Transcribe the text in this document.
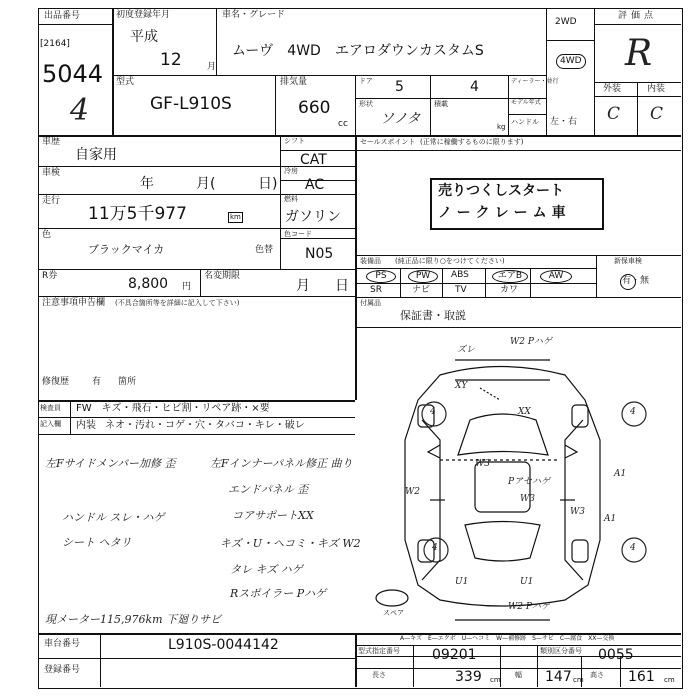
出品番号
[2164]
5044
初度登録年月
平成
12	月
車名・グレード
ムーヴ　4WD　エアロダウンカスタムS
2WD
4WD
評価点
R
外装	内装
C C
4
型式
GF-L910S
排気量
660
cc
ドア 5	4	ディーラー・並行
形状
ソノタ
積載
kg
モデル年式
ハンドル 左・右
車歴
自家用
車検
年	月(	日)
シフト
CAT
冷房
AC
走行
11万5千977	km
燃料
ガソリン
色
ブラックマイカ	色替
色コード
N05
R券	8,800 円
名変期限
月 日
注意事項申告欄 (不具合箇所等を詳細に記入して下さい)
修復歴	有 箇所
セールスポイント (正常に稼働するものに限ります)
売りつくしスタート
ノークレーム車
装備品 (純正品に限り○をつけてください)
PS	PW	ABS	エアB	AW
SR	ナビ	TV	カワ
新保車検
有・無
付属品
保証書・取説
検査員
記入欄
FW　キズ・飛石・ヒビ割・リペア跡・×要
内装 ネオ・汚れ・コゲ・穴・タバコ・キレ・破レ
左Fサイドメンバー加修 歪
ハンドル スレ・ハゲ
シート ヘタリ
左Fインナーパネル修正 曲り
エンドパネル 歪
コアサポートXX
キズ・U・ヘコミ・キズ W2
タレ キズ ハゲ
Rスポイラー Pハゲ
現メーター115,976km 下廻りサビ
ズレ
W2 Pハゲ
XY
XX
A1
W3
Pアセハゲ
W3
W2
A1
U1	U1
W2 Pハゲ
4	4
4	4
W3
スペア
A—キズ　E—エクボ　U—ヘコミ　W—補修跡　S—サビ　C—腐食　XX—交換
車台番号	L910S-0044142
登録番号
型式指定番号 09201	類別区分番号 0055
長さ	339 cm
幅 147 cm
高さ 161 cm
